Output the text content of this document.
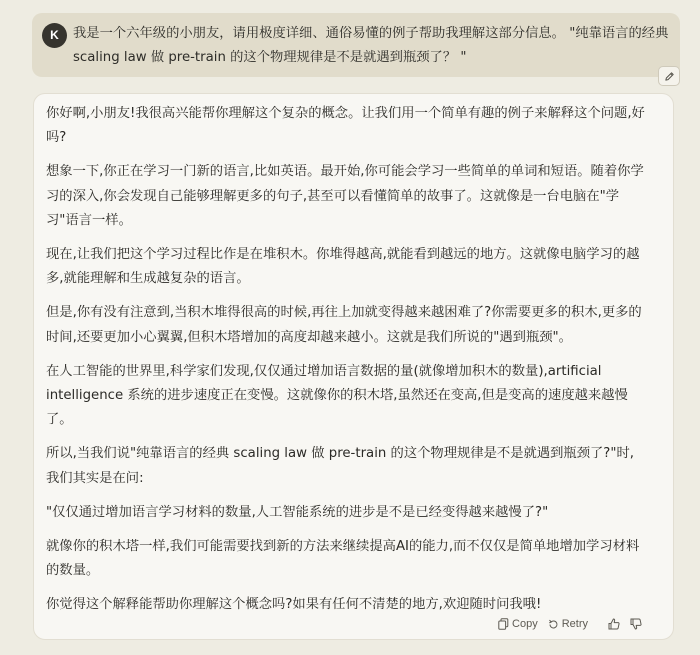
K	我是一个六年级的小朋友，请用极度详细、通俗易懂的例子帮助我理解这部分信息。 "纯靠语言的经典 scaling law 做 pre-train 的这个物理规律是不是就遇到瓶颈了？ "

你好啊,小朋友!我很高兴能帮你理解这个复杂的概念。让我们用一个简单有趣的例子来解释这个问题,好吗?

想象一下,你正在学习一门新的语言,比如英语。最开始,你可能会学习一些简单的单词和短语。随着你学习的深入,你会发现自己能够理解更多的句子,甚至可以看懂简单的故事了。这就像是一台电脑在"学习"语言一样。

现在,让我们把这个学习过程比作是在堆积木。你堆得越高,就能看到越远的地方。这就像电脑学习的越多,就能理解和生成越复杂的语言。

但是,你有没有注意到,当积木堆得很高的时候,再往上加就变得越来越困难了?你需要更多的积木,更多的时间,还要更加小心翼翼,但积木塔增加的高度却越来越小。这就是我们所说的"遇到瓶颈"。

在人工智能的世界里,科学家们发现,仅仅通过增加语言数据的量(就像增加积木的数量),artificial intelligence 系统的进步速度正在变慢。这就像你的积木塔,虽然还在变高,但是变高的速度越来越慢了。

所以,当我们说"纯靠语言的经典 scaling law 做 pre-train 的这个物理规律是不是就遇到瓶颈了?"时,我们其实是在问:

"仅仅通过增加语言学习材料的数量,人工智能系统的进步是不是已经变得越来越慢了?"

就像你的积木塔一样,我们可能需要找到新的方法来继续提高AI的能力,而不仅仅是简单地增加学习材料的数量。

你觉得这个解释能帮助你理解这个概念吗?如果有任何不清楚的地方,欢迎随时问我哦!

Copy Retry
